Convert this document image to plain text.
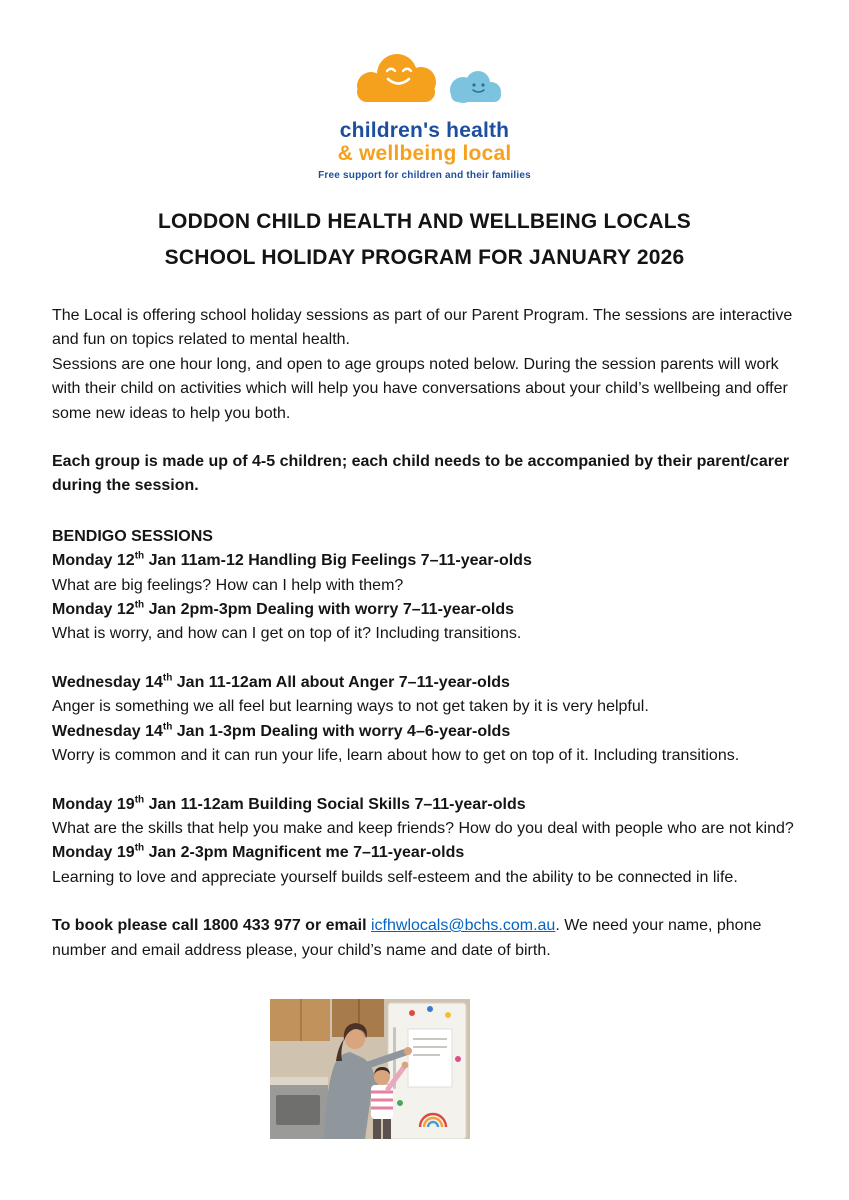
children's health
& wellbeing local
Free support for children and their families
LODDON CHILD HEALTH AND WELLBEING LOCALS
SCHOOL HOLIDAY PROGRAM FOR JANUARY 2026

The Local is offering school holiday sessions as part of our Parent Program. The sessions are interactive and fun on topics related to mental health.

Sessions are one hour long, and open to age groups noted below. During the session parents will work with their child on activities which will help you have conversations about your child’s wellbeing and offer some new ideas to help you both.

Each group is made up of 4-5 children; each child needs to be accompanied by their parent/carer during the session.

BENDIGO SESSIONS

Monday 12th Jan 11am-12 Handling Big Feelings 7–11-year-olds

What are big feelings? How can I help with them?

Monday 12th Jan 2pm-3pm Dealing with worry 7–11-year-olds

What is worry, and how can I get on top of it? Including transitions.

Wednesday 14th Jan 11-12am All about Anger 7–11-year-olds

Anger is something we all feel but learning ways to not get taken by it is very helpful.

Wednesday 14th Jan 1-3pm Dealing with worry 4–6-year-olds

Worry is common and it can run your life, learn about how to get on top of it. Including transitions.

Monday 19th Jan 11-12am Building Social Skills 7–11-year-olds

What are the skills that help you make and keep friends? How do you deal with people who are not kind?

Monday 19th Jan 2-3pm Magnificent me 7–11-year-olds

Learning to love and appreciate yourself builds self-esteem and the ability to be connected in life.

To book please call 1800 433 977 or email icfhwlocals@bchs.com.au. We need your name, phone number and email address please, your child’s name and date of birth.
